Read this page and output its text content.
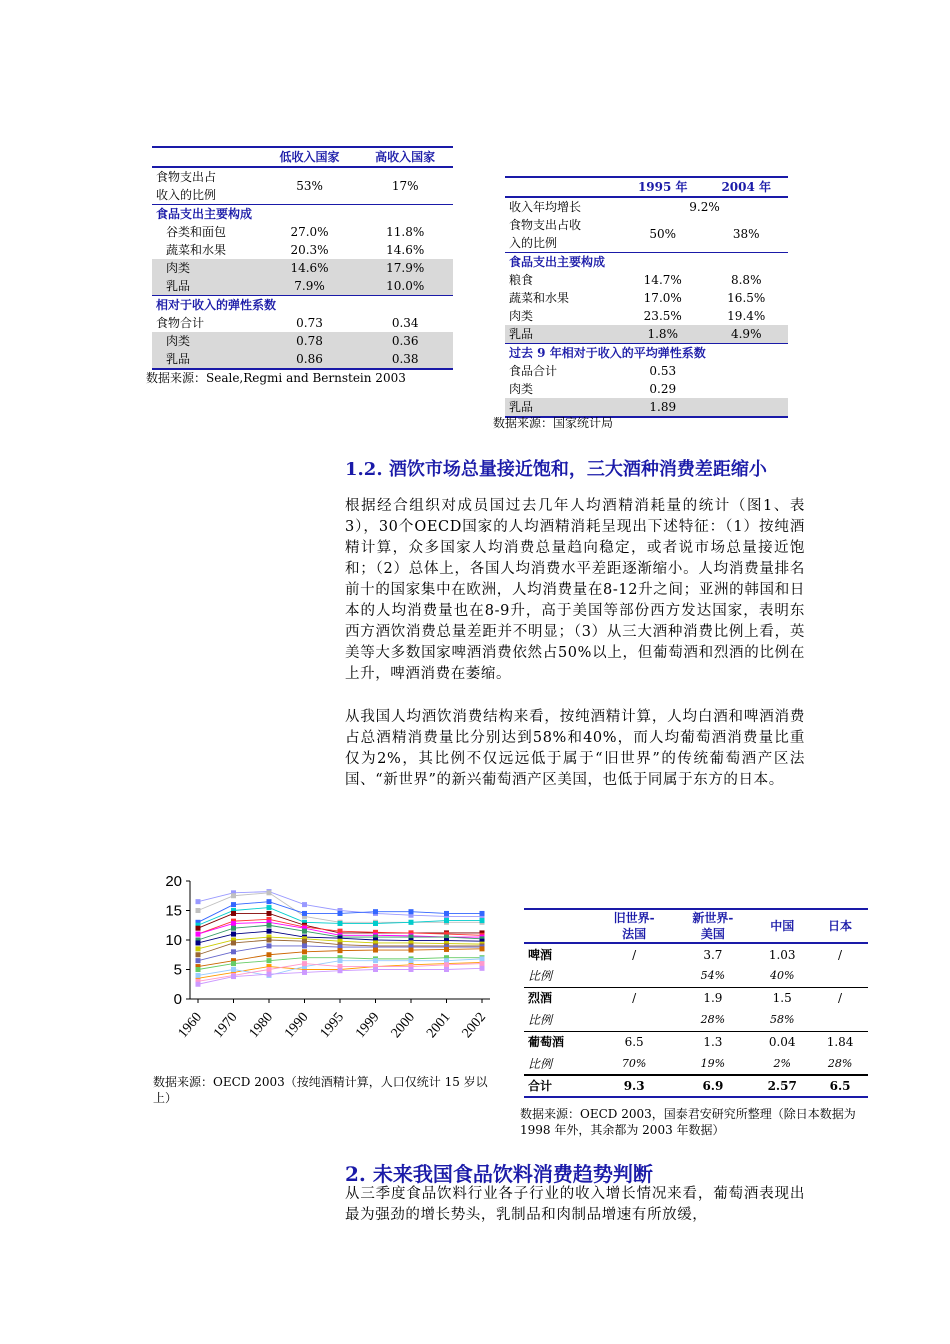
	低收入国家	高收入国家
食物支出占
收入的比例	53%	17%
食品支出主要构成		
谷类和面包	27.0%	11.8%
蔬菜和水果	20.3%	14.6%
肉类	14.6%	17.9%
乳品	7.9%	10.0%
相对于收入的弹性系数		
食物合计	0.73	0.34
肉类	0.78	0.36
乳品	0.86	0.38
数据来源：Seale,Regmi and Bernstein 2003
	1995 年	2004 年
收入年均增长	9.2%	
食物支出占收
入的比例	50%	38%
食品支出主要构成		
粮食	14.7%	8.8%
蔬菜和水果	17.0%	16.5%
肉类	23.5%	19.4%
乳品	1.8%	4.9%
过去 9 年相对于收入的平均弹性系数		
食品合计	0.53	
肉类	0.29	
乳品	1.89	
数据来源：国家统计局
1.2. 酒饮市场总量接近饱和，三大酒种消费差距缩小
根据经合组织对成员国过去几年人均酒精消耗量的统计（图1、表3），30个OECD国家的人均酒精消耗呈现出下述特征：（1）按纯酒精计算，众多国家人均消费总量趋向稳定，或者说市场总量接近饱和；（2）总体上，各国人均消费水平差距逐渐缩小。人均消费量排名前十的国家集中在欧洲，人均消费量在8-12升之间；亚洲的韩国和日本的人均消费量也在8-9升，高于美国等部份西方发达国家，表明东西方酒饮消费总量差距并不明显；（3）从三大酒种消费比例上看，英美等大多数国家啤酒消费依然占50%以上，但葡萄酒和烈酒的比例在上升，啤酒消费在萎缩。
从我国人均酒饮消费结构来看，按纯酒精计算，人均白酒和啤酒消费占总酒精消费量比分别达到58%和40%，而人均葡萄酒消费量比重仅为2%，其比例不仅远远低于属于“旧世界”的传统葡萄酒产区法国、“新世界”的新兴葡萄酒产区美国，也低于同属于东方的日本。
0
5
10
15
20
1960 1970 1980 1990 1995 1999 2000 2001 2002
数据来源：OECD 2003（按纯酒精计算，人口仅统计 15 岁以上）
	旧世界-
法国	新世界-
美国	中国	日本
啤酒	/	3.7	1.03	/
比例		54%	40%	
烈酒	/	1.9	1.5	/
比例		28%	58%	
葡萄酒	6.5	1.3	0.04	1.84
比例	70%	19%	2%	28%
合计	9.3	6.9	2.57	6.5
数据来源：OECD 2003，国泰君安研究所整理（除日本数据为 1998 年外，其余都为 2003 年数据）
2. 未来我国食品饮料消费趋势判断
从三季度食品饮料行业各子行业的收入增长情况来看，葡萄酒表现出最为强劲的增长势头，乳制品和肉制品增速有所放缓，
